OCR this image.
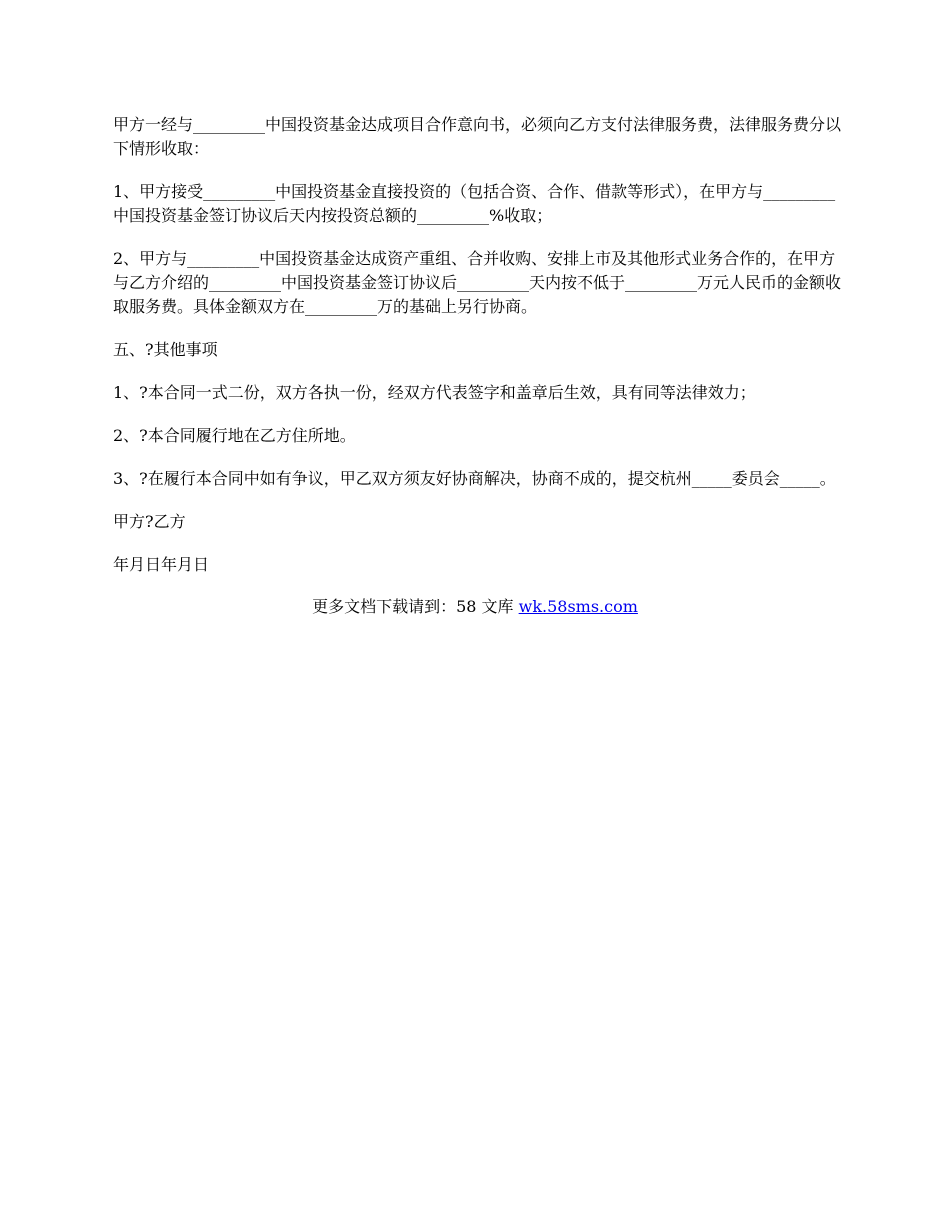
甲方一经与_________中国投资基金达成项目合作意向书，必须向乙方支付法律服务费，法律服务费分以下情形收取：

1、甲方接受_________中国投资基金直接投资的（包括合资、合作、借款等形式），在甲方与_________中国投资基金签订协议后天内按投资总额的_________%收取；

2、甲方与_________中国投资基金达成资产重组、合并收购、安排上市及其他形式业务合作的，在甲方与乙方介绍的_________中国投资基金签订协议后_________天内按不低于_________万元人民币的金额收取服务费。具体金额双方在_________万的基础上另行协商。

五、?其他事项

1、?本合同一式二份，双方各执一份，经双方代表签字和盖章后生效，具有同等法律效力；

2、?本合同履行地在乙方住所地。

3、?在履行本合同中如有争议，甲乙双方须友好协商解决，协商不成的，提交杭州_____委员会_____。

甲方?乙方

年月日年月日

更多文档下载请到：58 文库 wk.58sms.com
